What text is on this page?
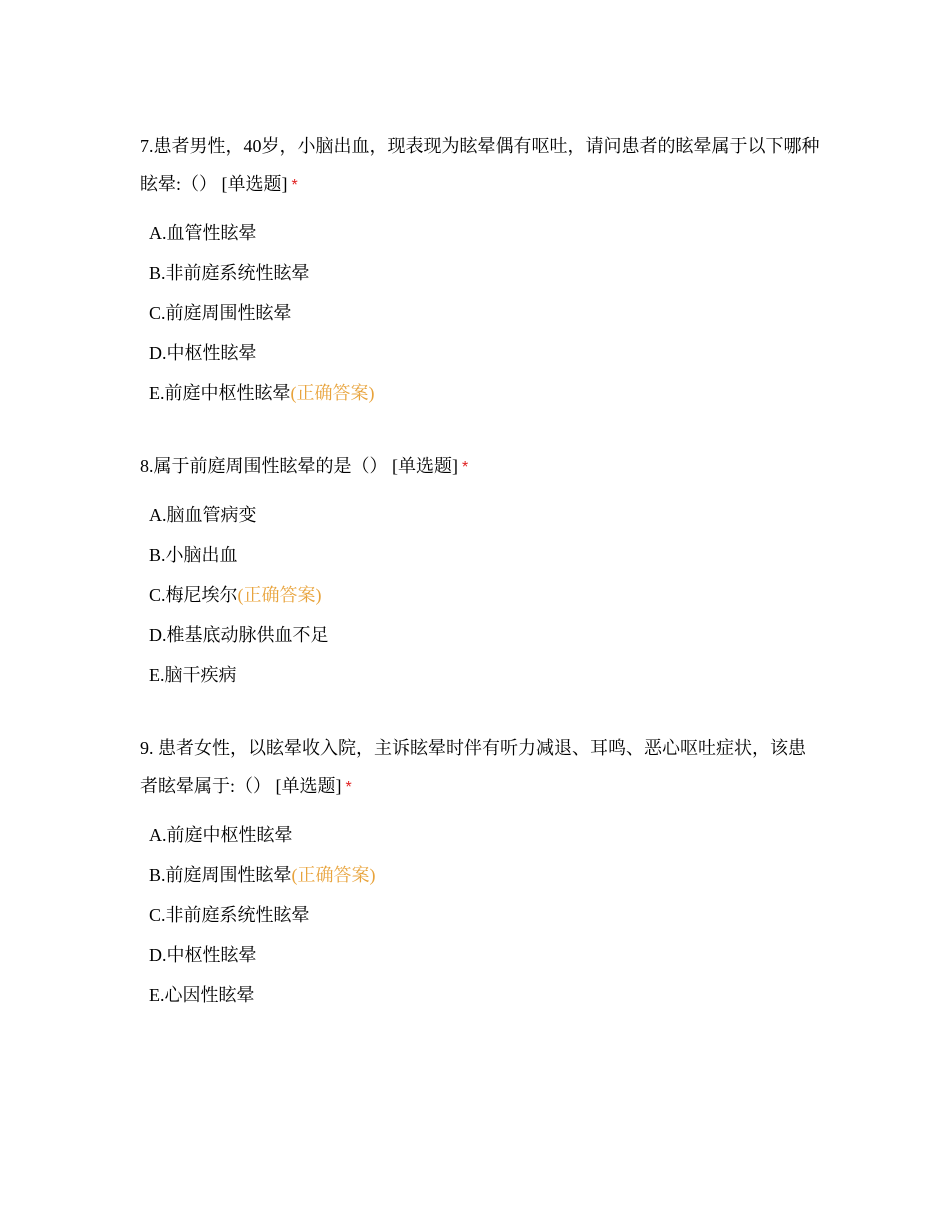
7.患者男性，40岁，小脑出血，现表现为眩晕偶有呕吐，请问患者的眩晕属于以下哪种眩晕:（） [单选题] *

A.血管性眩晕
B.非前庭系统性眩晕
C.前庭周围性眩晕
D.中枢性眩晕
E.前庭中枢性眩晕(正确答案)

8.属于前庭周围性眩晕的是（） [单选题] *

A.脑血管病变
B.小脑出血
C.梅尼埃尔(正确答案)
D.椎基底动脉供血不足
E.脑干疾病

9. 患者女性，以眩晕收入院，主诉眩晕时伴有听力减退、耳鸣、恶心呕吐症状，该患者眩晕属于:（） [单选题] *

A.前庭中枢性眩晕
B.前庭周围性眩晕(正确答案)
C.非前庭系统性眩晕
D.中枢性眩晕
E.心因性眩晕
